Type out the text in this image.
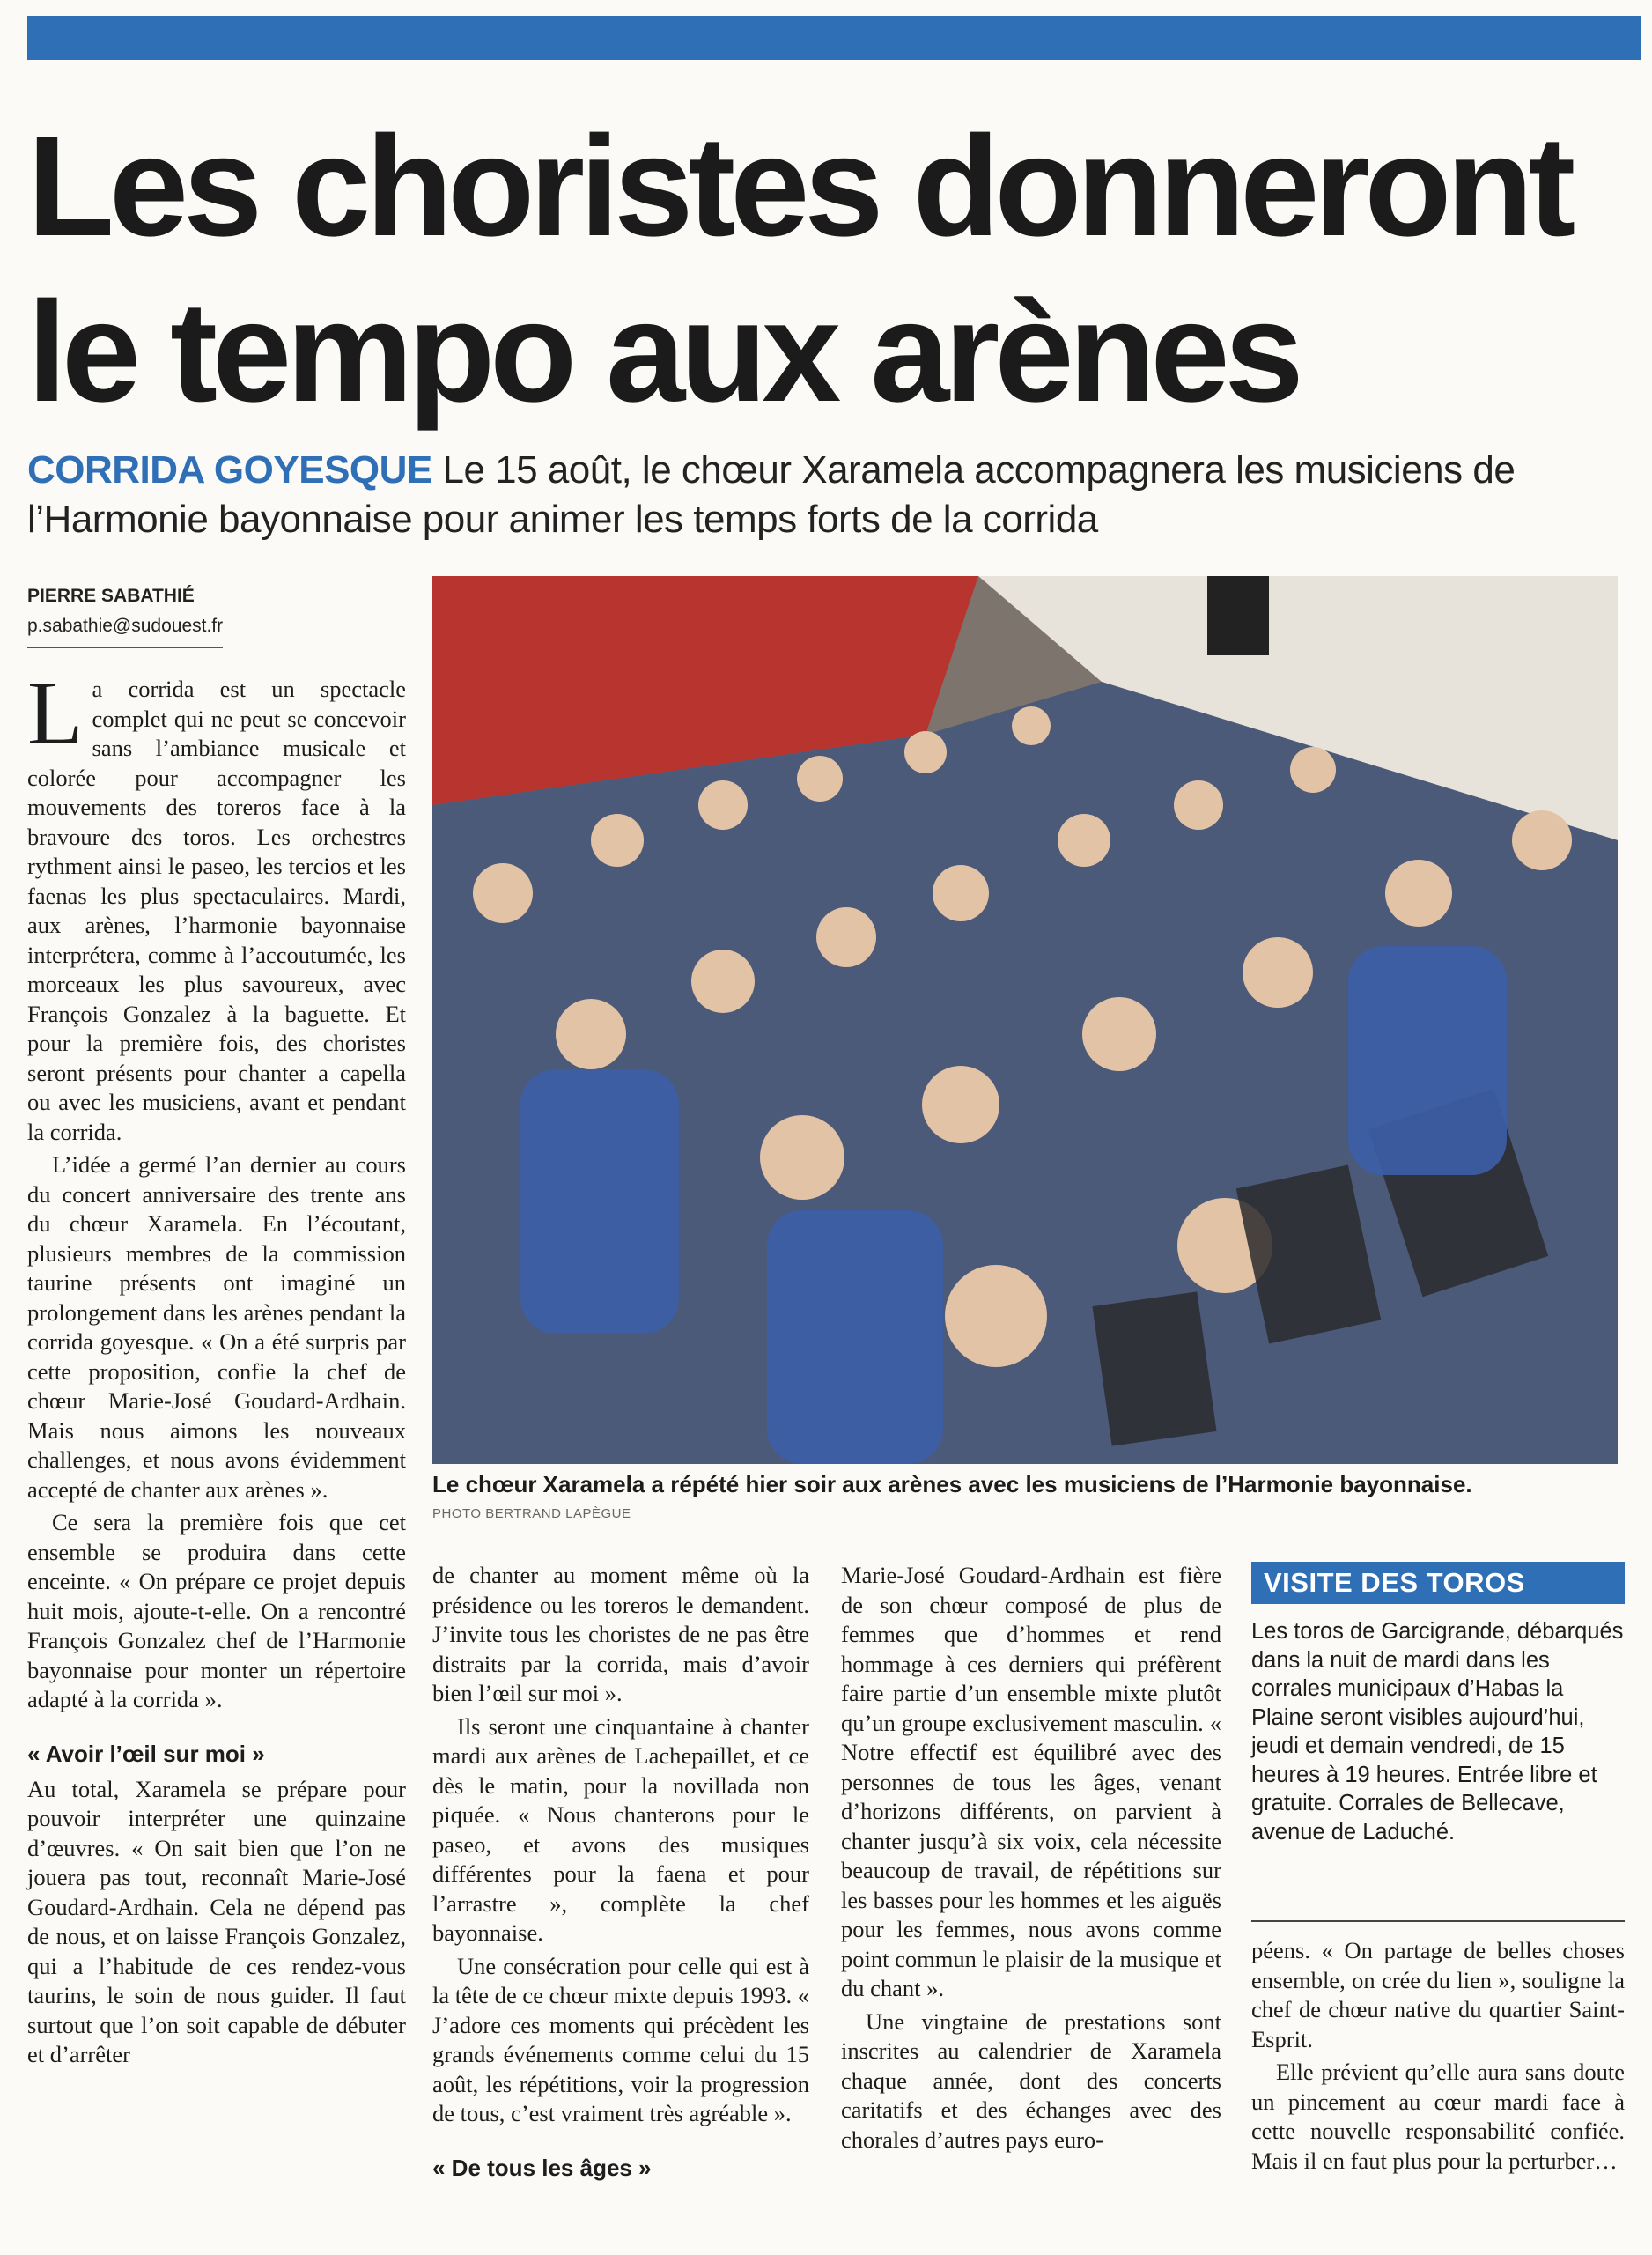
Les choristes donneront
le tempo aux arènes
CORRIDA GOYESQUE Le 15 août, le chœur Xaramela accompagnera les musiciens de l’Harmonie bayonnaise pour animer les temps forts de la corrida
PIERRE SABATHIÉ
p.sabathie@sudouest.fr
Le chœur Xaramela a répété hier soir aux arènes avec les musiciens de l’Harmonie bayonnaise.
PHOTO BERTRAND LAPÈGUE

La corrida est un spectacle complet qui ne peut se concevoir sans l’ambiance musicale et colorée pour accompagner les mouvements des toreros face à la bravoure des toros. Les orchestres rythment ainsi le paseo, les tercios et les faenas les plus spectaculaires. Mardi, aux arènes, l’harmonie bayonnaise interprétera, comme à l’accoutumée, les morceaux les plus savoureux, avec François Gonzalez à la baguette. Et pour la première fois, des choristes seront présents pour chanter a capella ou avec les musiciens, avant et pendant la corrida.

L’idée a germé l’an dernier au cours du concert anniversaire des trente ans du chœur Xaramela. En l’écoutant, plusieurs membres de la commission taurine présents ont imaginé un prolongement dans les arènes pendant la corrida goyesque. « On a été surpris par cette proposition, confie la chef de chœur Marie-José Goudard-Ardhain. Mais nous aimons les nouveaux challenges, et nous avons évidemment accepté de chanter aux arènes ».

Ce sera la première fois que cet ensemble se produira dans cette enceinte. « On prépare ce projet depuis huit mois, ajoute-t-elle. On a rencontré François Gonzalez chef de l’Harmonie bayonnaise pour monter un répertoire adapté à la corrida ».

« Avoir l’œil sur moi »

Au total, Xaramela se prépare pour pouvoir interpréter une quinzaine d’œuvres. « On sait bien que l’on ne jouera pas tout, reconnaît Marie-José Goudard-Ardhain. Cela ne dépend pas de nous, et on laisse François Gonzalez, qui a l’habitude de ces rendez-vous taurins, le soin de nous guider. Il faut surtout que l’on soit capable de débuter et d’arrêter

de chanter au moment même où la présidence ou les toreros le demandent. J’invite tous les choristes de ne pas être distraits par la corrida, mais d’avoir bien l’œil sur moi ».

Ils seront une cinquantaine à chanter mardi aux arènes de Lachepaillet, et ce dès le matin, pour la novillada non piquée. « Nous chanterons pour le paseo, et avons des musiques différentes pour la faena et pour l’arrastre », complète la chef bayonnaise.

Une consécration pour celle qui est à la tête de ce chœur mixte depuis 1993. « J’adore ces moments qui précèdent les grands événements comme celui du 15 août, les répétitions, voir la progression de tous, c’est vraiment très agréable ».

« De tous les âges »

Marie-José Goudard-Ardhain est fière de son chœur composé de plus de femmes que d’hommes et rend hommage à ces derniers qui préfèrent faire partie d’un ensemble mixte plutôt qu’un groupe exclusivement masculin. « Notre effectif est équilibré avec des personnes de tous les âges, venant d’horizons différents, on parvient à chanter jusqu’à six voix, cela nécessite beaucoup de travail, de répétitions sur les basses pour les hommes et les aiguës pour les femmes, nous avons comme point commun le plaisir de la musique et du chant ».

Une vingtaine de prestations sont inscrites au calendrier de Xaramela chaque année, dont des concerts caritatifs et des échanges avec des chorales d’autres pays euro-

VISITE DES TOROS
Les toros de Garcigrande, débarqués dans la nuit de mardi dans les corrales municipaux d’Habas la Plaine seront visibles aujourd’hui, jeudi et demain vendredi, de 15 heures à 19 heures. Entrée libre et gratuite. Corrales de Bellecave, avenue de Laduché.

péens. « On partage de belles choses ensemble, on crée du lien », souligne la chef de chœur native du quartier Saint-Esprit.

Elle prévient qu’elle aura sans doute un pincement au cœur mardi face à cette nouvelle responsabilité confiée. Mais il en faut plus pour la perturber…
